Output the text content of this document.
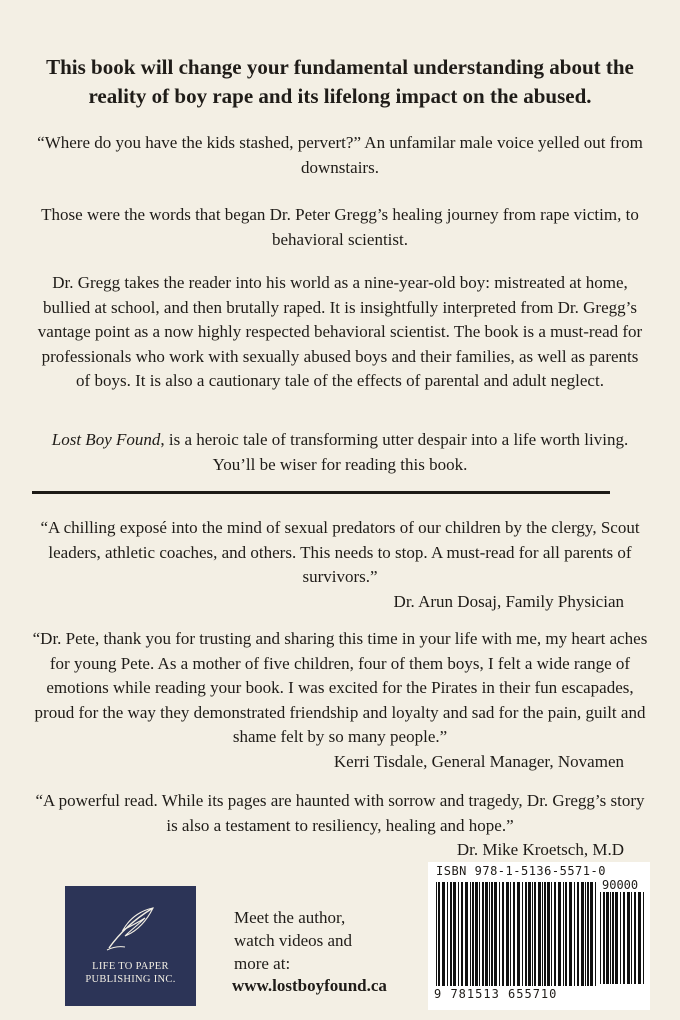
This book will change your fundamental understanding about the reality of boy rape and its lifelong impact on the abused.
“Where do you have the kids stashed, pervert?” An unfamilar male voice yelled out from downstairs.
Those were the words that began Dr. Peter Gregg’s healing journey from rape victim, to behavioral scientist.
Dr. Gregg takes the reader into his world as a nine-year-old boy: mistreated at home, bullied at school, and then brutally raped. It is insightfully interpreted from Dr. Gregg’s vantage point as a now highly respected behavioral scientist. The book is a must-read for professionals who work with sexually abused boys and their families, as well as parents of boys. It is also a cautionary tale of the effects of parental and adult neglect.
Lost Boy Found, is a heroic tale of transforming utter despair into a life worth living. You’ll be wiser for reading this book.
“A chilling exposé into the mind of sexual predators of our children by the clergy, Scout leaders, athletic coaches, and others. This needs to stop. A must-read for all parents of survivors.”
Dr. Arun Dosaj, Family Physician
“Dr. Pete, thank you for trusting and sharing this time in your life with me, my heart aches for young Pete. As a mother of five children, four of them boys, I felt a wide range of emotions while reading your book. I was excited for the Pirates in their fun escapades, proud for the way they demonstrated friendship and loyalty and sad for the pain, guilt and shame felt by so many people.”
Kerri Tisdale, General Manager, Novamen
“A powerful read. While its pages are haunted with sorrow and tragedy, Dr. Gregg’s story is also a testament to resiliency, healing and hope.”
Dr. Mike Kroetsch, M.D
LIFE TO PAPER
PUBLISHING INC.
Meet the author,
watch videos and
more at:
www.lostboyfound.ca
ISBN 978-1-5136-5571-0
90000
9 781513 655710
